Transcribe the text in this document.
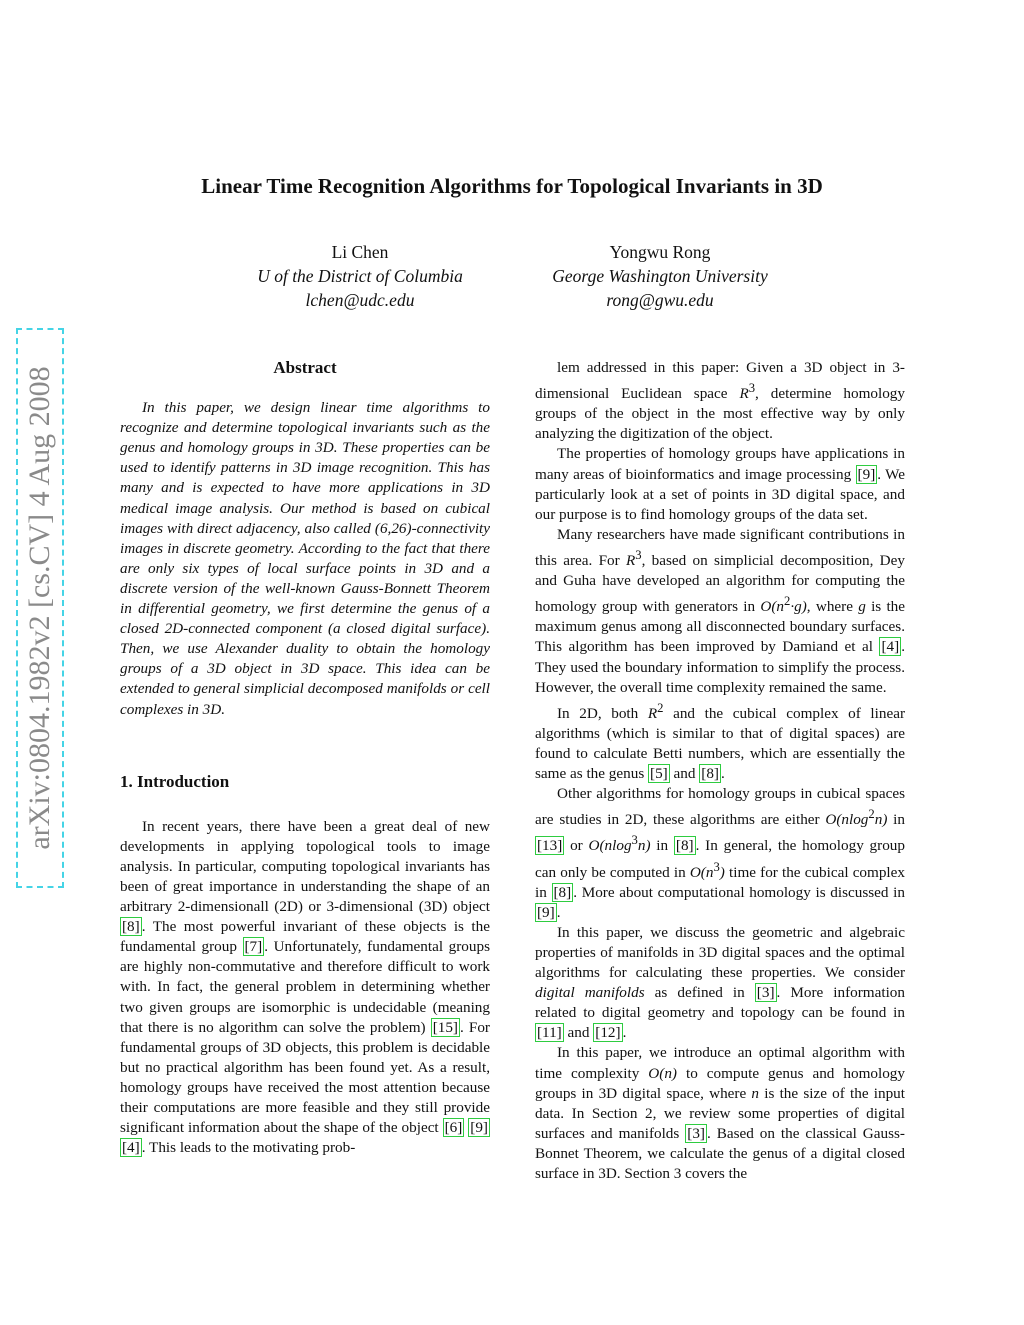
Linear Time Recognition Algorithms for Topological Invariants in 3D
Li Chen
U of the District of Columbia
lchen@udc.edu
Yongwu Rong
George Washington University
rong@gwu.edu
arXiv:0804.1982v2 [cs.CV] 4 Aug 2008	Abstract

In this paper, we design linear time algorithms to recognize and determine topological invariants such as the genus and homology groups in 3D. These properties can be used to identify patterns in 3D image recognition. This has many and is expected to have more applications in 3D medical image analysis. Our method is based on cubical images with direct adjacency, also called (6,26)-connectivity images in discrete geometry. According to the fact that there are only six types of local surface points in 3D and a discrete version of the well-known Gauss-Bonnett Theorem in differential geometry, we first determine the genus of a closed 2D-connected component (a closed digital surface). Then, we use Alexander duality to obtain the homology groups of a 3D object in 3D space. This idea can be extended to general simplicial decomposed manifolds or cell complexes in 3D.

1. Introduction

In recent years, there have been a great deal of new developments in applying topological tools to image analysis. In particular, computing topological invariants has been of great importance in understanding the shape of an arbitrary 2-dimensionall (2D) or 3-dimensional (3D) object [8] . The most powerful invariant of these objects is the fundamental group [7] . Unfortunately, fundamental groups are highly non-commutative and therefore difficult to work with. In fact, the general problem in determining whether two given groups are isomorphic is undecidable (meaning that there is no algorithm can solve the problem) [15] . For fundamental groups of 3D objects, this problem is decidable but no practical algorithm has been found yet. As a result, homology groups have received the most attention because their computations are more feasible and they still provide significant information about the shape of the object [6] [9] [4] . This leads to the motivating prob-

lem addressed in this paper: Given a 3D object in 3-dimensional Euclidean space $R^3$, determine homology groups of the object in the most effective way by only analyzing the digitization of the object.

The properties of homology groups have applications in many areas of bioinformatics and image processing [9] . We particularly look at a set of points in 3D digital space, and our purpose is to find homology groups of the data set.

Many researchers have made significant contributions in this area. For $R^3$, based on simplicial decomposition, Dey and Guha have developed an algorithm for computing the homology group with generators in $O(n^2\cdot g)$, where g is the maximum genus among all disconnected boundary surfaces. This algorithm has been improved by Damiand et al [4] . They used the boundary information to simplify the process. However, the overall time complexity remained the same.

In 2D, both $R^2$ and the cubical complex of linear algorithms (which is similar to that of digital spaces) are found to calculate Betti numbers, which are essentially the same as the genus [5] and [8] .

Other algorithms for homology groups in cubical spaces are studies in 2D, these algorithms are either O(nlog$^2$n) in [13] or O(nlog$^3$n) in [8] . In general, the homology group can only be computed in $O(n^3)$ time for the cubical complex in [8] . More about computational homology is discussed in [9] .

In this paper, we discuss the geometric and algebraic properties of manifolds in 3D digital spaces and the optimal algorithms for calculating these properties. We consider digital manifolds as defined in [3] . More information related to digital geometry and topology can be found in [11] and [12] .

In this paper, we introduce an optimal algorithm with time complexity O(n) to compute genus and homology groups in 3D digital space, where n is the size of the input data. In Section 2, we review some properties of digital surfaces and manifolds [3] . Based on the classical Gauss-Bonnet Theorem, we calculate the genus of a digital closed surface in 3D. Section 3 covers the
